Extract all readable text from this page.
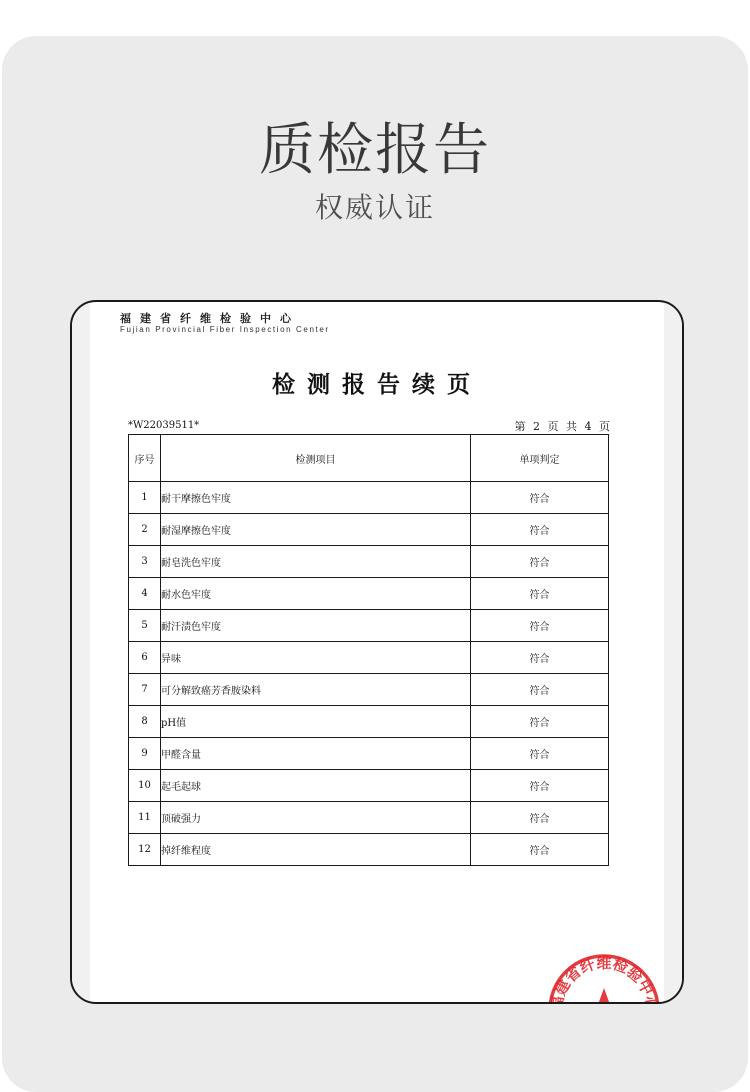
质检报告
权威认证
福建省纤维检验中心
Fujian Provincial Fiber Inspection Center
检测报告续页
*W22039511*	第 2 页 共 4 页
序号	检测项目	单项判定
1	耐干摩擦色牢度	符合
2	耐湿摩擦色牢度	符合
3	耐皂洗色牢度	符合
4	耐水色牢度	符合
5	耐汗渍色牢度	符合
6	异味	符合
7	可分解致癌芳香胺染料	符合
8	pH值	符合
9	甲醛含量	符合
10	起毛起球	符合
11	顶破强力	符合
12	掉纤维程度	符合
福建省纤维检验中心
